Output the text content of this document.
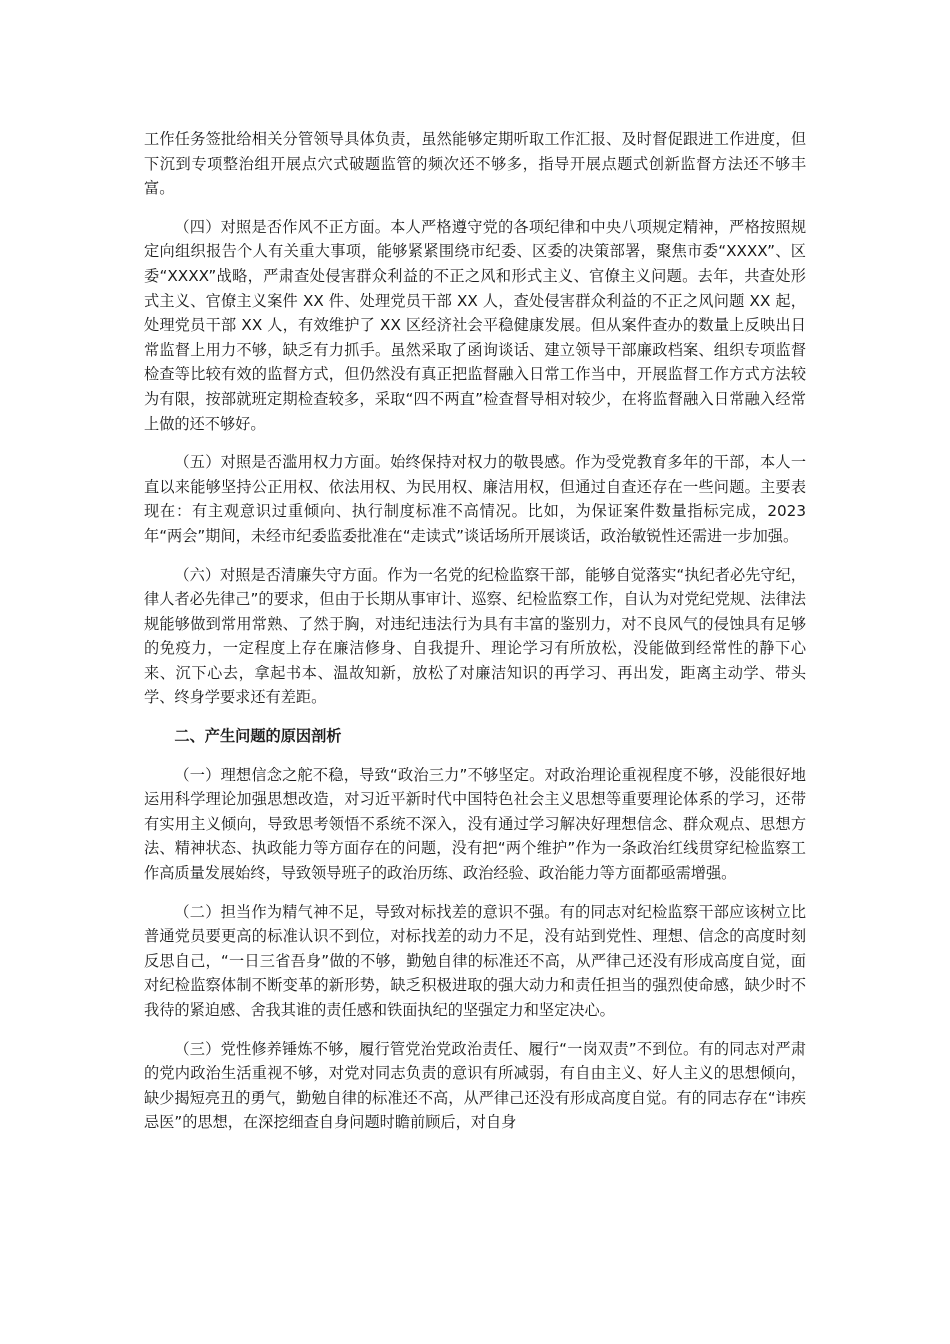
工作任务签批给相关分管领导具体负责，虽然能够定期听取工作汇报、及时督促跟进工作进度，但下沉到专项整治组开展点穴式破题监管的频次还不够多，指导开展点题式创新监督方法还不够丰富。

（四）对照是否作风不正方面。本人严格遵守党的各项纪律和中央八项规定精神，严格按照规定向组织报告个人有关重大事项，能够紧紧围绕市纪委、区委的决策部署，聚焦市委“XXXX”、区委“XXXX”战略，严肃查处侵害群众利益的不正之风和形式主义、官僚主义问题。去年，共查处形式主义、官僚主义案件 XX 件、处理党员干部 XX 人，查处侵害群众利益的不正之风问题 XX 起，处理党员干部 XX 人，有效维护了 XX 区经济社会平稳健康发展。但从案件查办的数量上反映出日常监督上用力不够，缺乏有力抓手。虽然采取了函询谈话、建立领导干部廉政档案、组织专项监督检查等比较有效的监督方式，但仍然没有真正把监督融入日常工作当中，开展监督工作方式方法较为有限，按部就班定期检查较多，采取“四不两直”检查督导相对较少，在将监督融入日常融入经常上做的还不够好。

（五）对照是否滥用权力方面。始终保持对权力的敬畏感。作为受党教育多年的干部，本人一直以来能够坚持公正用权、依法用权、为民用权、廉洁用权，但通过自查还存在一些问题。主要表现在：有主观意识过重倾向、执行制度标准不高情况。比如，为保证案件数量指标完成，2023 年“两会”期间，未经市纪委监委批准在“走读式”谈话场所开展谈话，政治敏锐性还需进一步加强。

（六）对照是否清廉失守方面。作为一名党的纪检监察干部，能够自觉落实“执纪者必先守纪，律人者必先律己”的要求，但由于长期从事审计、巡察、纪检监察工作，自认为对党纪党规、法律法规能够做到常用常熟、了然于胸，对违纪违法行为具有丰富的鉴别力，对不良风气的侵蚀具有足够的免疫力，一定程度上存在廉洁修身、自我提升、理论学习有所放松，没能做到经常性的静下心来、沉下心去，拿起书本、温故知新，放松了对廉洁知识的再学习、再出发，距离主动学、带头学、终身学要求还有差距。

二、产生问题的原因剖析

（一）理想信念之舵不稳，导致“政治三力”不够坚定。对政治理论重视程度不够，没能很好地运用科学理论加强思想改造，对习近平新时代中国特色社会主义思想等重要理论体系的学习，还带有实用主义倾向，导致思考领悟不系统不深入，没有通过学习解决好理想信念、群众观点、思想方法、精神状态、执政能力等方面存在的问题，没有把“两个维护”作为一条政治红线贯穿纪检监察工作高质量发展始终，导致领导班子的政治历练、政治经验、政治能力等方面都亟需增强。

（二）担当作为精气神不足，导致对标找差的意识不强。有的同志对纪检监察干部应该树立比普通党员要更高的标准认识不到位，对标找差的动力不足，没有站到党性、理想、信念的高度时刻反思自己，“一日三省吾身”做的不够，勤勉自律的标准还不高，从严律己还没有形成高度自觉，面对纪检监察体制不断变革的新形势，缺乏积极进取的强大动力和责任担当的强烈使命感，缺少时不我待的紧迫感、舍我其谁的责任感和铁面执纪的坚强定力和坚定决心。

（三）党性修养锤炼不够，履行管党治党政治责任、履行“一岗双责”不到位。有的同志对严肃的党内政治生活重视不够，对党对同志负责的意识有所减弱，有自由主义、好人主义的思想倾向，缺少揭短亮丑的勇气，勤勉自律的标准还不高，从严律己还没有形成高度自觉。有的同志存在“讳疾忌医”的思想，在深挖细查自身问题时瞻前顾后，对自身
